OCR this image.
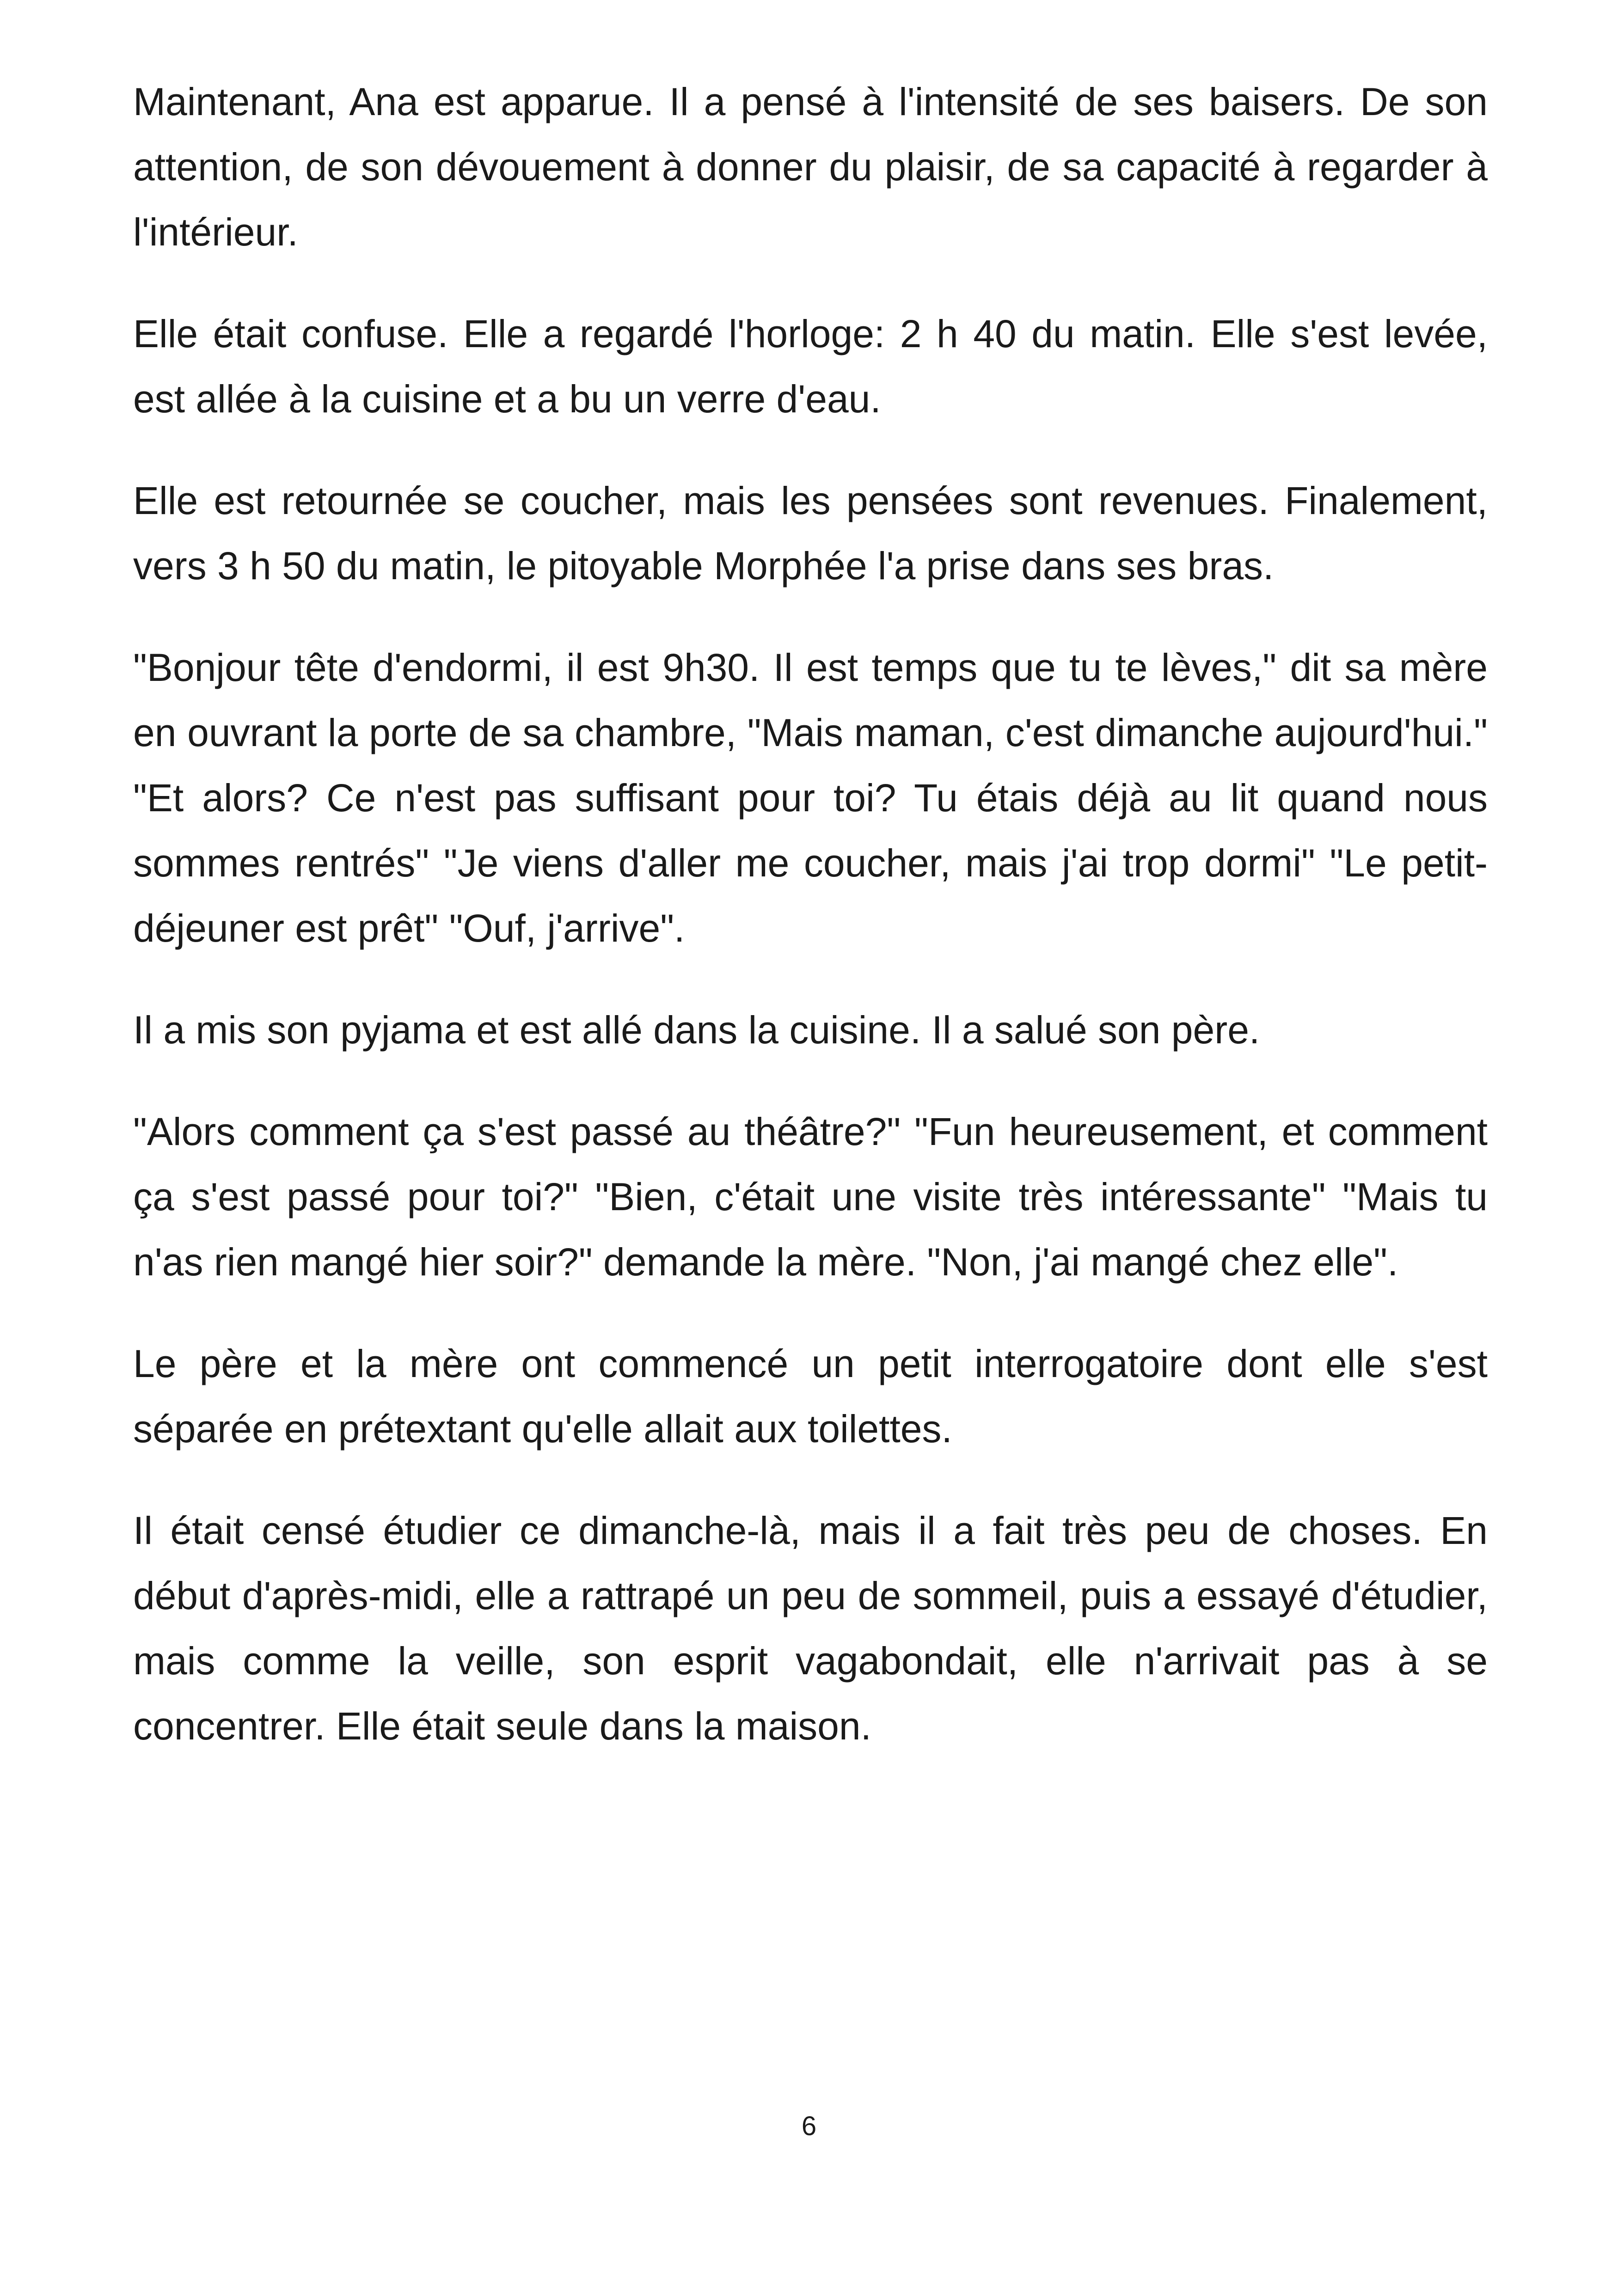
Maintenant, Ana est apparue. Il a pensé à l'intensité de ses baisers. De son attention, de son dévouement à donner du plaisir, de sa capacité à regarder à l'intérieur.

Elle était confuse. Elle a regardé l'horloge: 2 h 40 du matin. Elle s'est levée, est allée à la cuisine et a bu un verre d'eau.

Elle est retournée se coucher, mais les pensées sont revenues. Finalement, vers 3 h 50 du matin, le pitoyable Morphée l'a prise dans ses bras.

"Bonjour tête d'endormi, il est 9h30. Il est temps que tu te lèves," dit sa mère en ouvrant la porte de sa chambre, "Mais maman, c'est dimanche aujourd'hui." "Et alors? Ce n'est pas suffisant pour toi? Tu étais déjà au lit quand nous sommes rentrés" "Je viens d'aller me coucher, mais j'ai trop dormi" "Le petit-déjeuner est prêt" "Ouf, j'arrive".

Il a mis son pyjama et est allé dans la cuisine. Il a salué son père.

"Alors comment ça s'est passé au théâtre?" "Fun heureusement, et comment ça s'est passé pour toi?" "Bien, c'était une visite très intéressante" "Mais tu n'as rien mangé hier soir?" demande la mère. "Non, j'ai mangé chez elle".

Le père et la mère ont commencé un petit interrogatoire dont elle s'est séparée en prétextant qu'elle allait aux toilettes.

Il était censé étudier ce dimanche-là, mais il a fait très peu de choses. En début d'après-midi, elle a rattrapé un peu de sommeil, puis a essayé d'étudier, mais comme la veille, son esprit vagabondait, elle n'arrivait pas à se concentrer. Elle était seule dans la maison.

6
